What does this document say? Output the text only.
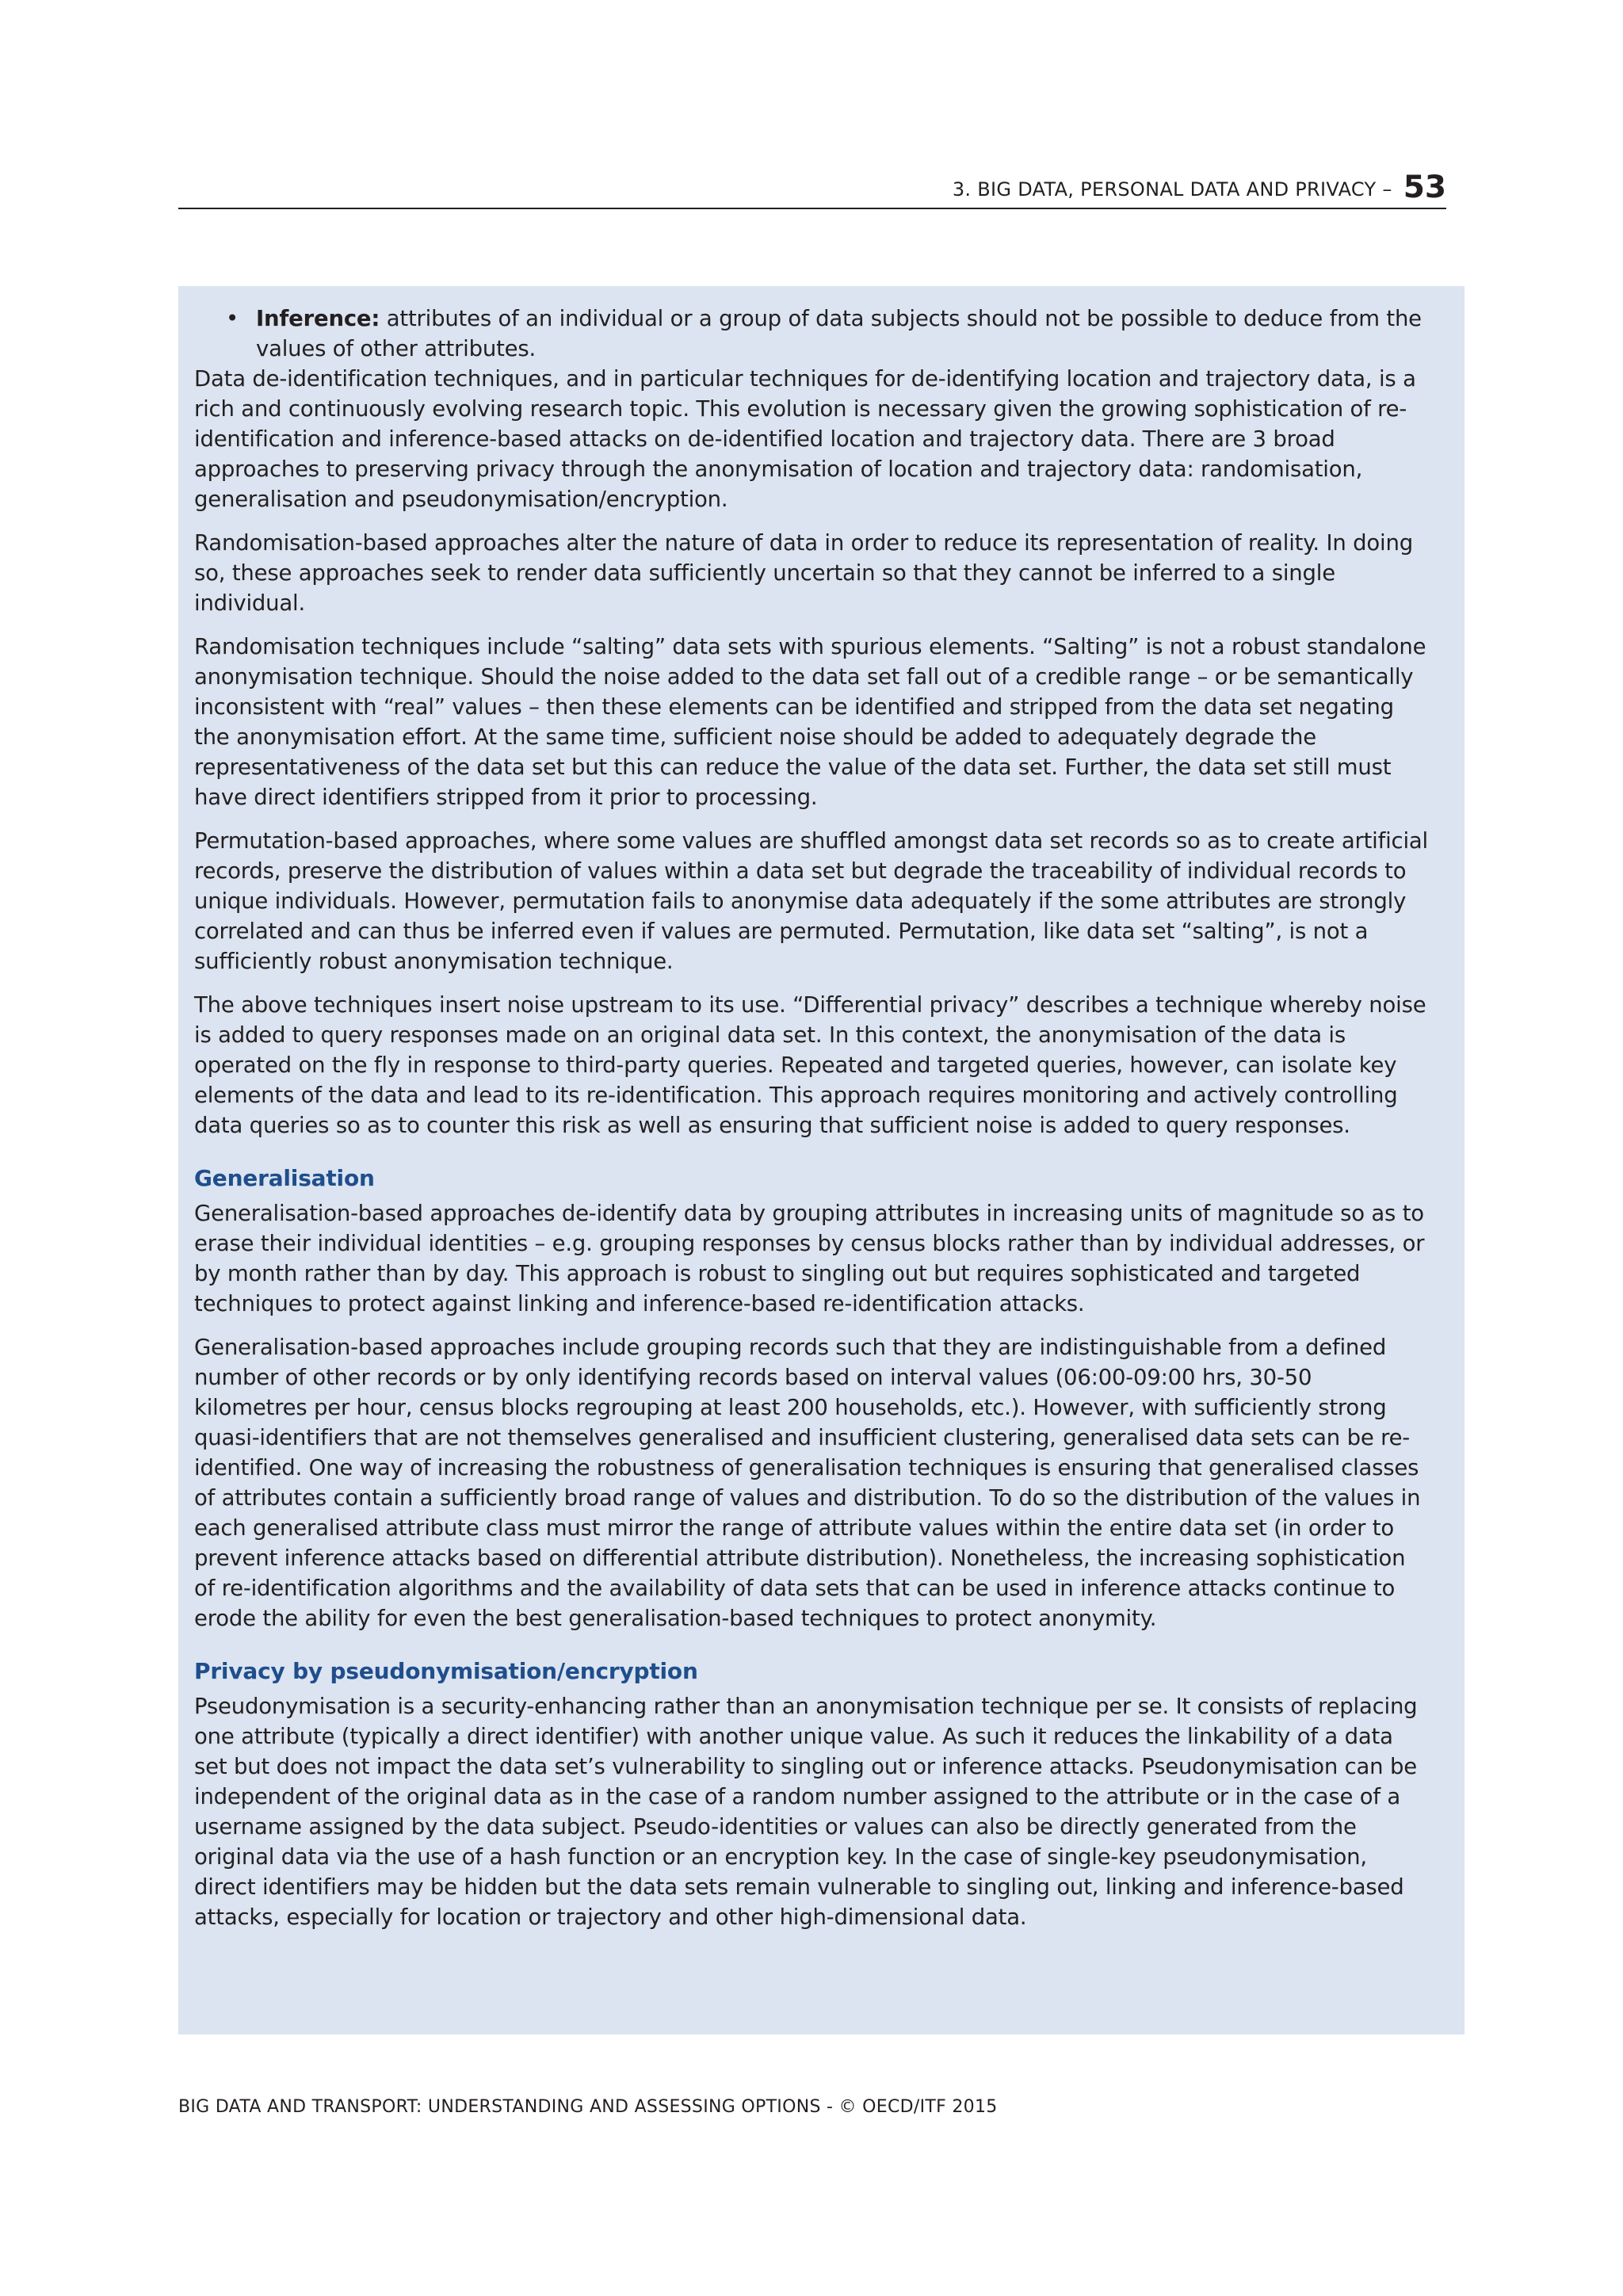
3. BIG DATA, PERSONAL DATA AND PRIVACY – 53

• Inference: attributes of an individual or a group of data subjects should not be possible to deduce from the values of other attributes.

Data de-identification techniques, and in particular techniques for de-identifying location and trajectory data, is a rich and continuously evolving research topic. This evolution is necessary given the growing sophistication of re-identification and inference-based attacks on de-identified location and trajectory data. There are 3 broad approaches to preserving privacy through the anonymisation of location and trajectory data: randomisation, generalisation and pseudonymisation/encryption.

Randomisation-based approaches alter the nature of data in order to reduce its representation of reality. In doing so, these approaches seek to render data sufficiently uncertain so that they cannot be inferred to a single individual.

Randomisation techniques include “salting” data sets with spurious elements. “Salting” is not a robust standalone anonymisation technique. Should the noise added to the data set fall out of a credible range – or be semantically inconsistent with “real” values – then these elements can be identified and stripped from the data set negating the anonymisation effort. At the same time, sufficient noise should be added to adequately degrade the representativeness of the data set but this can reduce the value of the data set. Further, the data set still must have direct identifiers stripped from it prior to processing.

Permutation-based approaches, where some values are shuffled amongst data set records so as to create artificial records, preserve the distribution of values within a data set but degrade the traceability of individual records to unique individuals. However, permutation fails to anonymise data adequately if the some attributes are strongly correlated and can thus be inferred even if values are permuted. Permutation, like data set “salting”, is not a sufficiently robust anonymisation technique.

The above techniques insert noise upstream to its use. “Differential privacy” describes a technique whereby noise is added to query responses made on an original data set. In this context, the anonymisation of the data is operated on the fly in response to third-party queries. Repeated and targeted queries, however, can isolate key elements of the data and lead to its re-identification. This approach requires monitoring and actively controlling data queries so as to counter this risk as well as ensuring that sufficient noise is added to query responses.

Generalisation

Generalisation-based approaches de-identify data by grouping attributes in increasing units of magnitude so as to erase their individual identities – e.g. grouping responses by census blocks rather than by individual addresses, or by month rather than by day. This approach is robust to singling out but requires sophisticated and targeted techniques to protect against linking and inference-based re-identification attacks.

Generalisation-based approaches include grouping records such that they are indistinguishable from a defined number of other records or by only identifying records based on interval values (06:00-09:00 hrs, 30-50 kilometres per hour, census blocks regrouping at least 200 households, etc.). However, with sufficiently strong quasi-identifiers that are not themselves generalised and insufficient clustering, generalised data sets can be re-identified. One way of increasing the robustness of generalisation techniques is ensuring that generalised classes of attributes contain a sufficiently broad range of values and distribution. To do so the distribution of the values in each generalised attribute class must mirror the range of attribute values within the entire data set (in order to prevent inference attacks based on differential attribute distribution). Nonetheless, the increasing sophistication of re-identification algorithms and the availability of data sets that can be used in inference attacks continue to erode the ability for even the best generalisation-based techniques to protect anonymity.

Privacy by pseudonymisation/encryption

Pseudonymisation is a security-enhancing rather than an anonymisation technique per se. It consists of replacing one attribute (typically a direct identifier) with another unique value. As such it reduces the linkability of a data set but does not impact the data set’s vulnerability to singling out or inference attacks. Pseudonymisation can be independent of the original data as in the case of a random number assigned to the attribute or in the case of a username assigned by the data subject. Pseudo-identities or values can also be directly generated from the original data via the use of a hash function or an encryption key. In the case of single-key pseudonymisation, direct identifiers may be hidden but the data sets remain vulnerable to singling out, linking and inference-based attacks, especially for location or trajectory and other high-dimensional data.

BIG DATA AND TRANSPORT: UNDERSTANDING AND ASSESSING OPTIONS - © OECD/ITF 2015
